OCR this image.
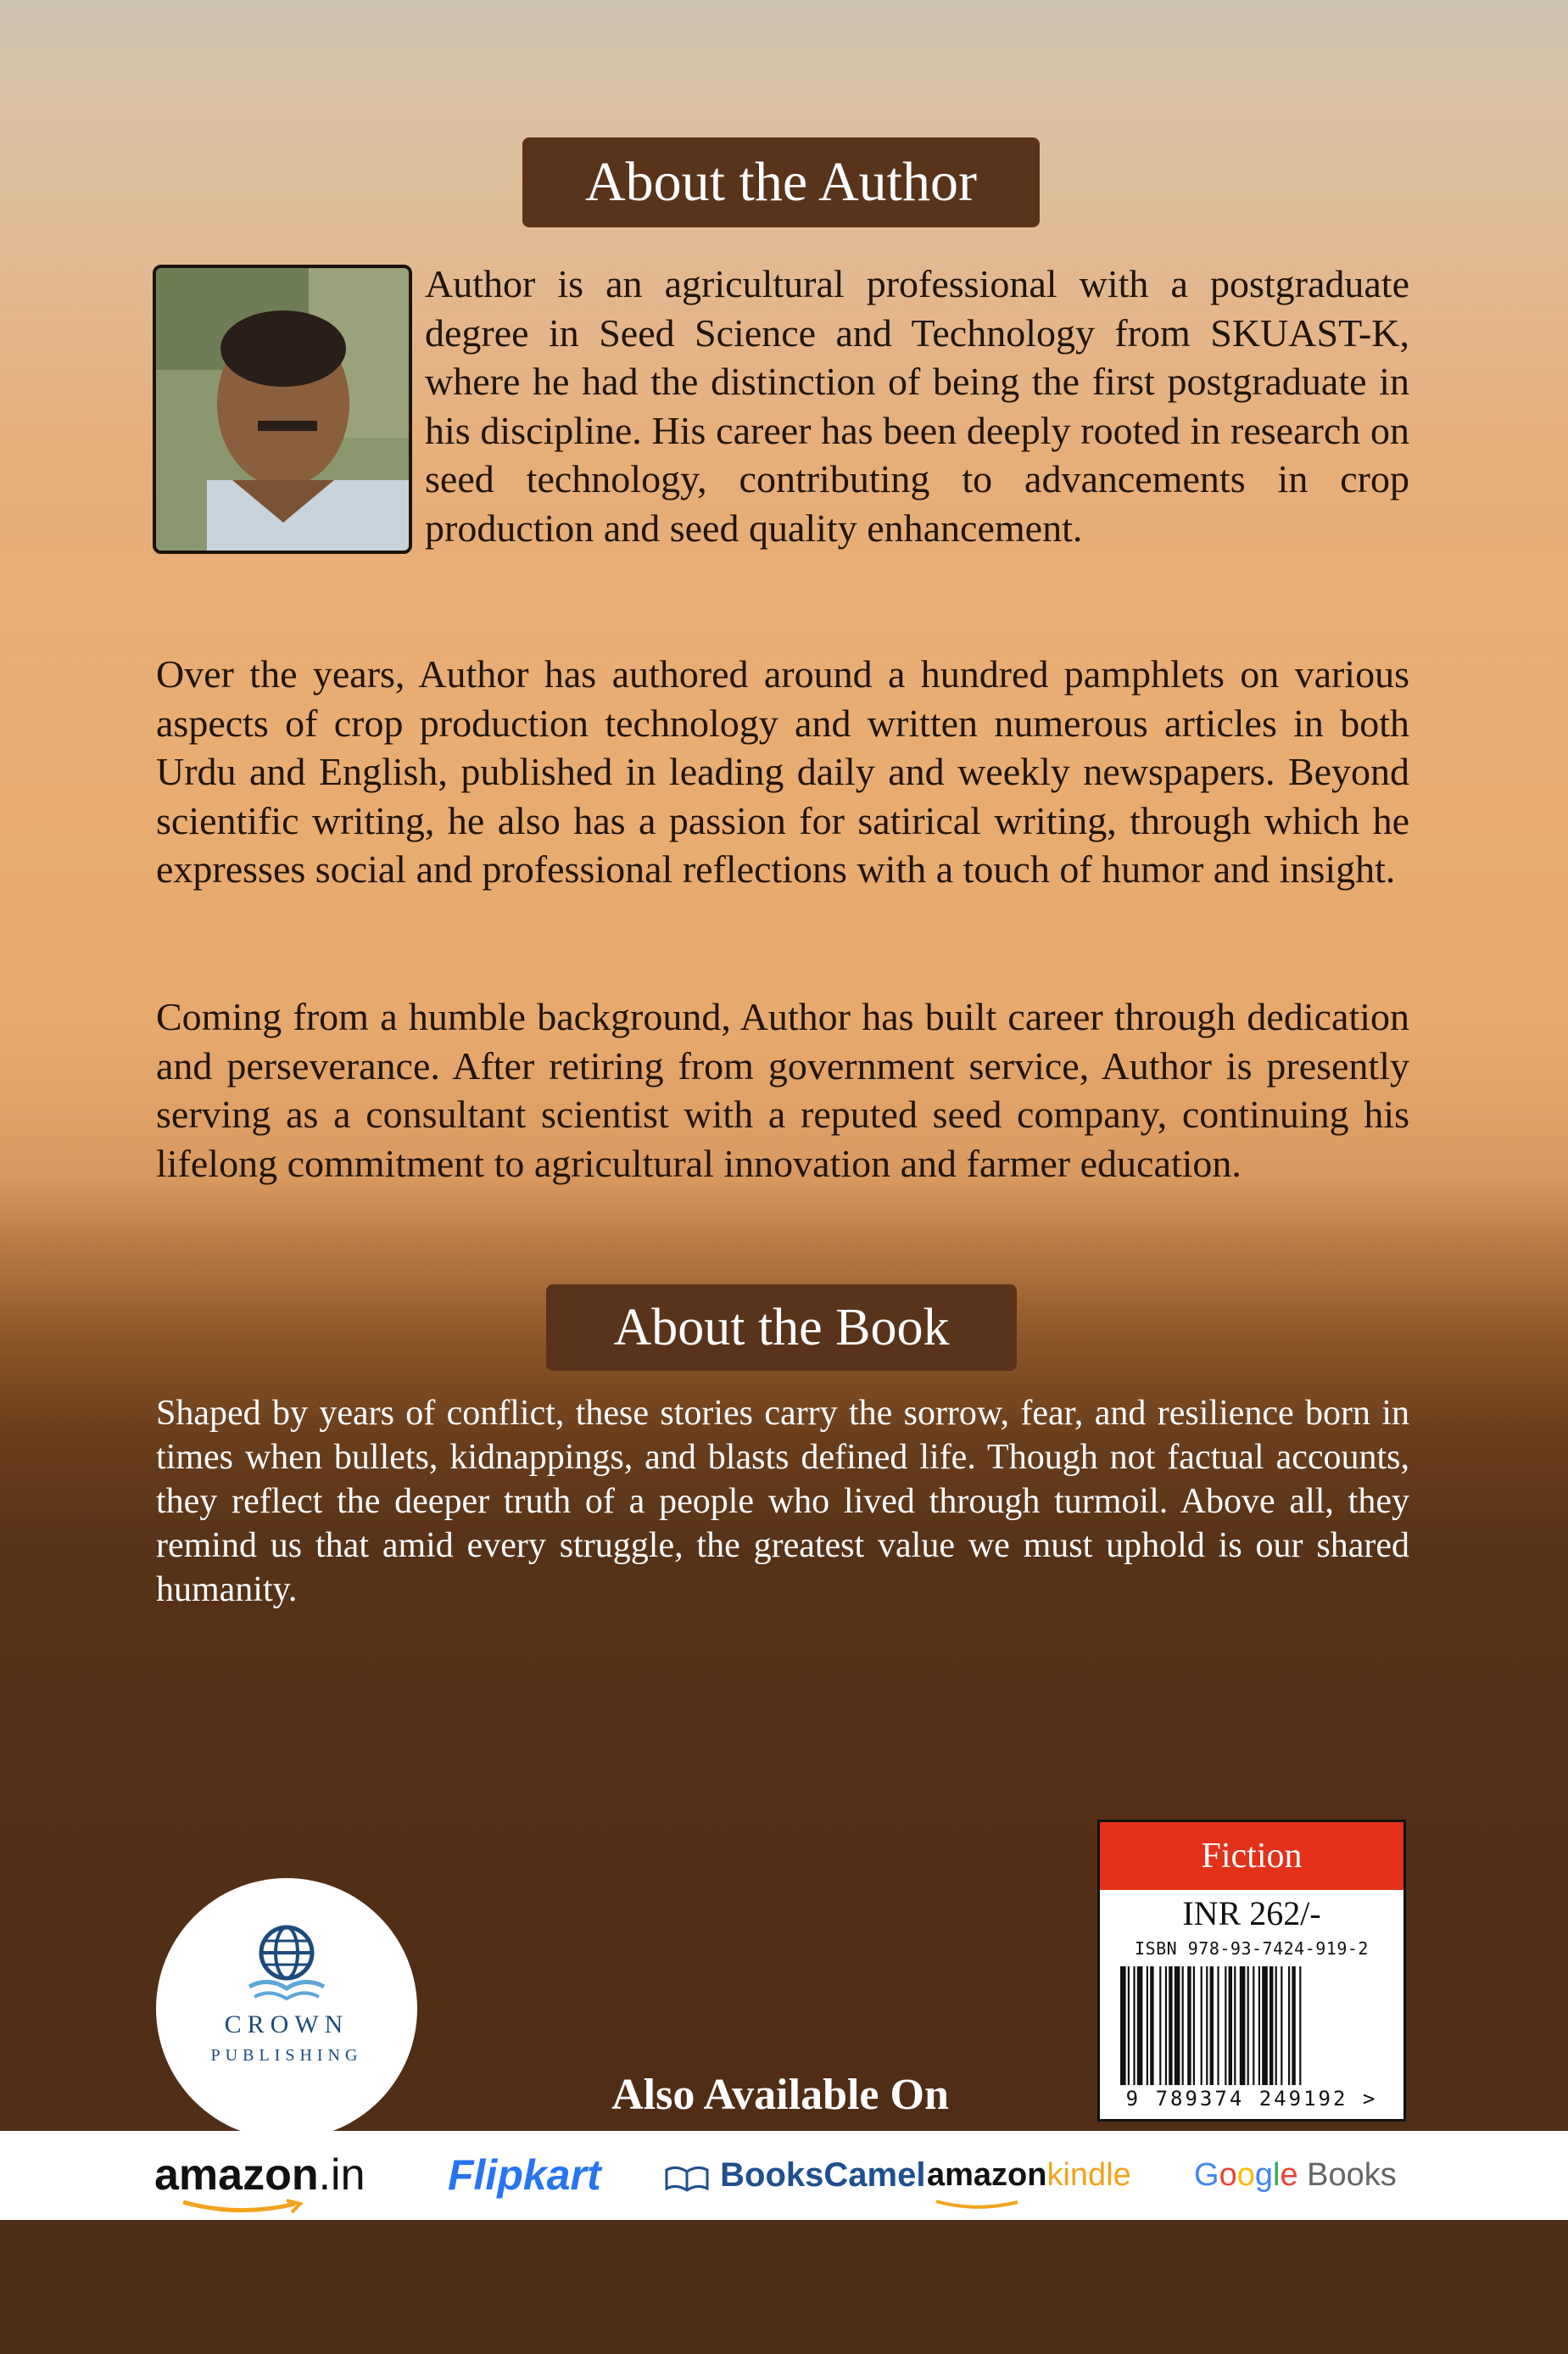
About the Author

Author is an agricultural professional with a postgraduate degree in Seed Science and Technology from SKUAST-K, where he had the distinction of being the first postgraduate in his discipline. His career has been deeply rooted in research on seed technology, contributing to advancements in crop production and seed quality enhancement.

Over the years, Author has authored around a hundred pamphlets on various aspects of crop production technology and written numerous articles in both Urdu and English, published in leading daily and weekly newspapers. Beyond scientific writing, he also has a passion for satirical writing, through which he expresses social and professional reflections with a touch of humor and insight.

Coming from a humble background, Author has built career through dedication and perseverance. After retiring from government service, Author is presently serving as a consultant scientist with a reputed seed company, continuing his lifelong commitment to agricultural innovation and farmer education.

About the Book

Shaped by years of conflict, these stories carry the sorrow, fear, and resilience born in times when bullets, kidnappings, and blasts defined life. Though not factual accounts, they reflect the deeper truth of a people who lived through turmoil. Above all, they remind us that amid every struggle, the greatest value we must uphold is our shared humanity.

CROWN
PUBLISHING
Fiction
INR 262/-
ISBN 978-93-7424-919-2
9 789374 249192 >
Also Available On
amazon.in Flipkart	BooksCamel amazonkindle Google Books
